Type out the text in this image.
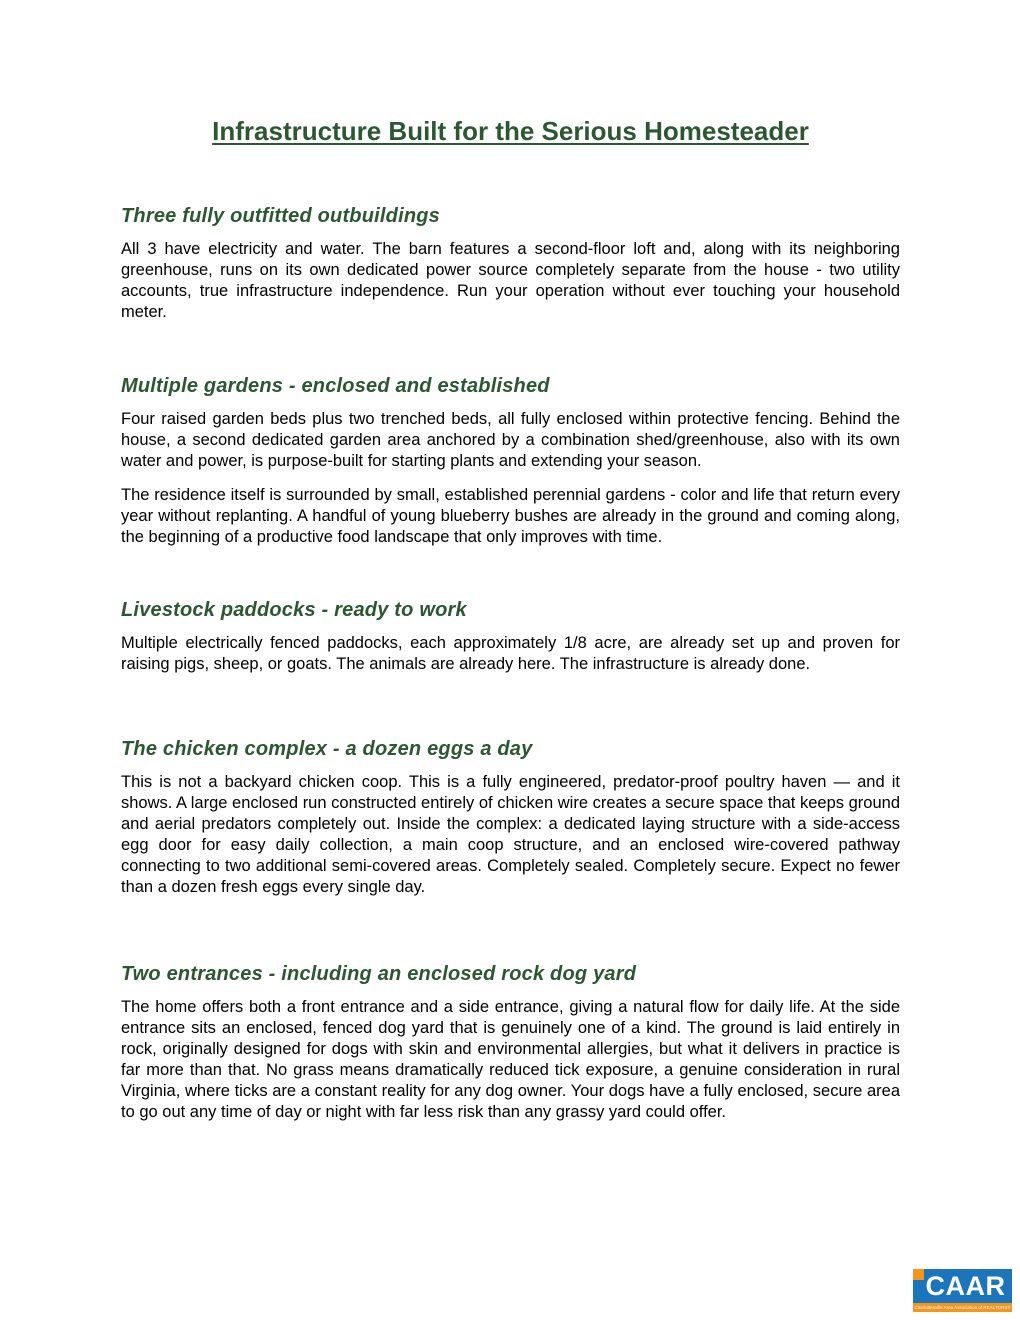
Infrastructure Built for the Serious Homesteader
Three fully outfitted outbuildings

All 3 have electricity and water. The barn features a second-floor loft and, along with its neighboring greenhouse, runs on its own dedicated power source completely separate from the house - two utility accounts, true infrastructure independence. Run your operation without ever touching your household meter.

Multiple gardens - enclosed and established

Four raised garden beds plus two trenched beds, all fully enclosed within protective fencing. Behind the house, a second dedicated garden area anchored by a combination shed/greenhouse, also with its own water and power, is purpose-built for starting plants and extending your season.

The residence itself is surrounded by small, established perennial gardens - color and life that return every year without replanting. A handful of young blueberry bushes are already in the ground and coming along, the beginning of a productive food landscape that only improves with time.

Livestock paddocks - ready to work

Multiple electrically fenced paddocks, each approximately 1/8 acre, are already set up and proven for raising pigs, sheep, or goats. The animals are already here. The infrastructure is already done.

The chicken complex - a dozen eggs a day

This is not a backyard chicken coop. This is a fully engineered, predator-proof poultry haven — and it shows. A large enclosed run constructed entirely of chicken wire creates a secure space that keeps ground and aerial predators completely out. Inside the complex: a dedicated laying structure with a side-access egg door for easy daily collection, a main coop structure, and an enclosed wire-covered pathway connecting to two additional semi-covered areas. Completely sealed. Completely secure. Expect no fewer than a dozen fresh eggs every single day.

Two entrances - including an enclosed rock dog yard

The home offers both a front entrance and a side entrance, giving a natural flow for daily life. At the side entrance sits an enclosed, fenced dog yard that is genuinely one of a kind. The ground is laid entirely in rock, originally designed for dogs with skin and environmental allergies, but what it delivers in practice is far more than that. No grass means dramatically reduced tick exposure, a genuine consideration in rural Virginia, where ticks are a constant reality for any dog owner. Your dogs have a fully enclosed, secure area to go out any time of day or night with far less risk than any grassy yard could offer.

CAAR
Charlottesville Area Association of REALTORS®
